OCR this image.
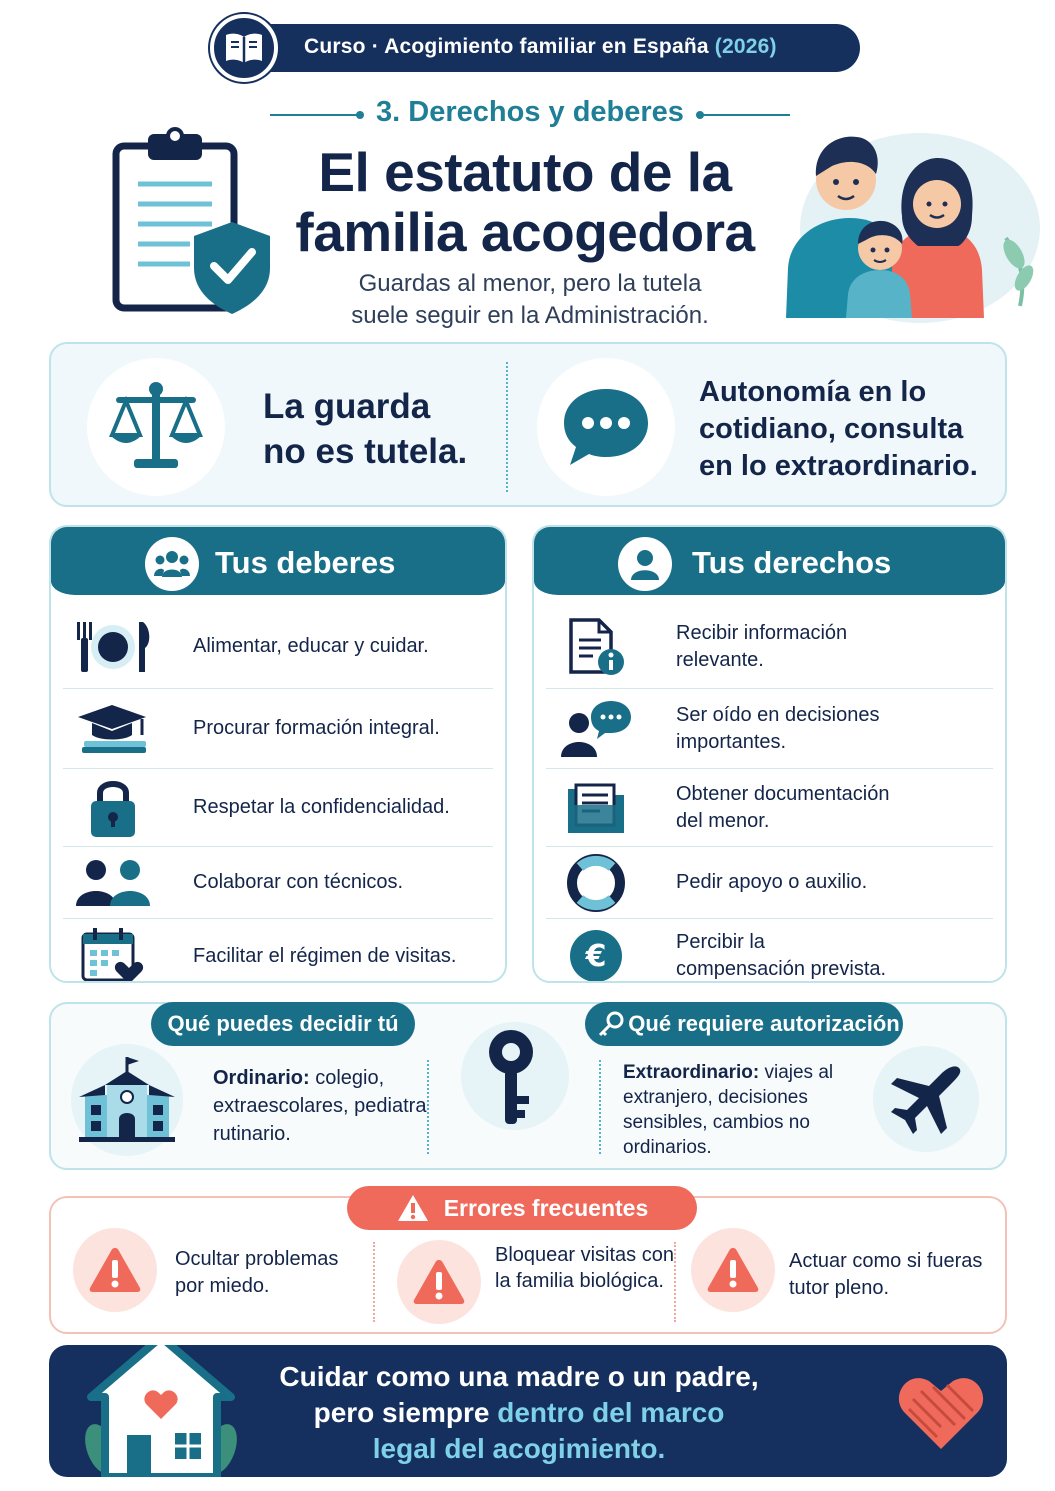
Curso · Acogimiento familiar en España (2026)
3. Derechos y deberes
El estatuto de la
familia acogedora
Guardas al menor, pero la tutela
suele seguir en la Administración.
La guarda
no es tutela.
Autonomía en lo
cotidiano, consulta
en lo extraordinario.
Tus deberes
Alimentar, educar y cuidar.
Procurar formación integral.
Respetar la confidencialidad.
Colaborar con técnicos.
Facilitar el régimen de visitas.
Tus derechos
Recibir información relevante.
Ser oído en decisiones importantes.
Obtener documentación del menor.
Pedir apoyo o auxilio.
€	Percibir la compensación prevista.
Qué puedes decidir tú	Qué requiere autorización
Ordinario: colegio, extraescolares, pediatra rutinario.
Extraordinario: viajes al extranjero, decisiones sensibles, cambios no ordinarios.
Errores frecuentes
Ocultar problemas por miedo.
Bloquear visitas con la familia biológica.
Actuar como si fueras tutor pleno.
Cuidar como una madre o un padre,
pero siempre dentro del marco
legal del acogimiento.
